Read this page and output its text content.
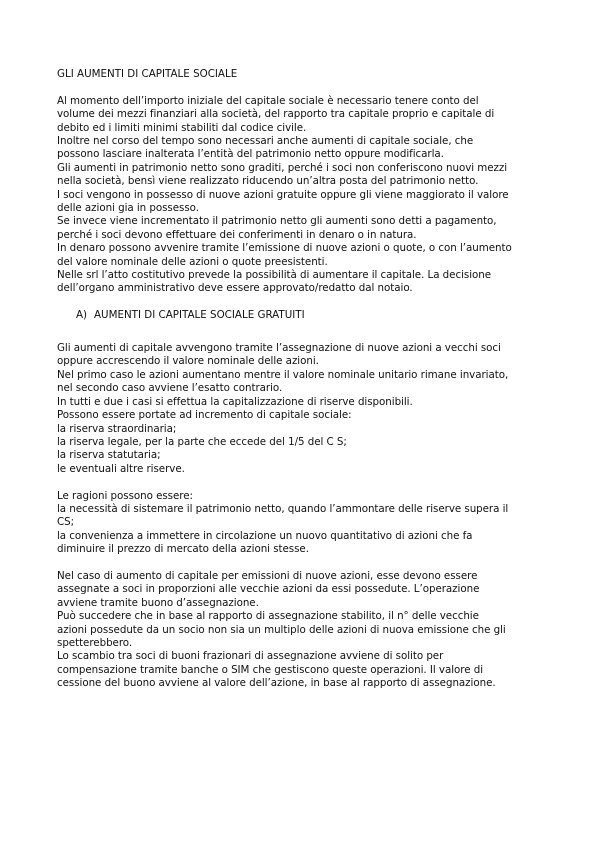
GLI AUMENTI DI CAPITALE SOCIALE
Al momento dell’importo iniziale del capitale sociale è necessario tenere conto del
volume dei mezzi finanziari alla società, del rapporto tra capitale proprio e capitale di
debito ed i limiti minimi stabiliti dal codice civile.
Inoltre nel corso del tempo sono necessari anche aumenti di capitale sociale, che
possono lasciare inalterata l’entità del patrimonio netto oppure modificarla.
Gli aumenti in patrimonio netto sono graditi, perché i soci non conferiscono nuovi mezzi
nella società, bensì viene realizzato riducendo un’altra posta del patrimonio netto.
I soci vengono in possesso di nuove azioni gratuite oppure gli viene maggiorato il valore
delle azioni gia in possesso.
Se invece viene incrementato il patrimonio netto gli aumenti sono detti a pagamento,
perché i soci devono effettuare dei conferimenti in denaro o in natura.
In denaro possono avvenire tramite l’emissione di nuove azioni o quote, o con l’aumento
del valore nominale delle azioni o quote preesistenti.
Nelle srl l’atto costitutivo prevede la possibilità di aumentare il capitale. La decisione
dell’organo amministrativo deve essere approvato/redatto dal notaio.
A) AUMENTI DI CAPITALE SOCIALE GRATUITI
Gli aumenti di capitale avvengono tramite l’assegnazione di nuove azioni a vecchi soci
oppure accrescendo il valore nominale delle azioni.
Nel primo caso le azioni aumentano mentre il valore nominale unitario rimane invariato,
nel secondo caso avviene l’esatto contrario.
In tutti e due i casi si effettua la capitalizzazione di riserve disponibili.
Possono essere portate ad incremento di capitale sociale:
la riserva straordinaria;
la riserva legale, per la parte che eccede del 1/5 del C S;
la riserva statutaria;
le eventuali altre riserve.
Le ragioni possono essere:
la necessità di sistemare il patrimonio netto, quando l’ammontare delle riserve supera il
CS;
la convenienza a immettere in circolazione un nuovo quantitativo di azioni che fa
diminuire il prezzo di mercato della azioni stesse.
Nel caso di aumento di capitale per emissioni di nuove azioni, esse devono essere
assegnate a soci in proporzioni alle vecchie azioni da essi possedute. L’operazione
avviene tramite buono d’assegnazione.
Può succedere che in base al rapporto di assegnazione stabilito, il n° delle vecchie
azioni possedute da un socio non sia un multiplo delle azioni di nuova emissione che gli
spetterebbero.
Lo scambio tra soci di buoni frazionari di assegnazione avviene di solito per
compensazione tramite banche o SIM che gestiscono queste operazioni. Il valore di
cessione del buono avviene al valore dell’azione, in base al rapporto di assegnazione.
